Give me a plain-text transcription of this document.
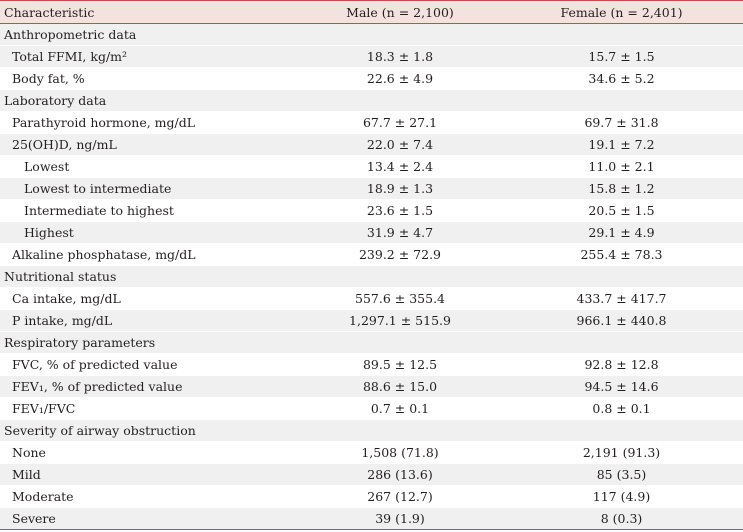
Characteristic	Male (n = 2,100)	Female (n = 2,401)
Anthropometric data
Total FFMI, kg/m²	18.3 ± 1.8	15.7 ± 1.5
Body fat, %	22.6 ± 4.9	34.6 ± 5.2
Laboratory data
Parathyroid hormone, mg/dL	67.7 ± 27.1	69.7 ± 31.8
25(OH)D, ng/mL	22.0 ± 7.4	19.1 ± 7.2
Lowest	13.4 ± 2.4	11.0 ± 2.1
Lowest to intermediate	18.9 ± 1.3	15.8 ± 1.2
Intermediate to highest	23.6 ± 1.5	20.5 ± 1.5
Highest	31.9 ± 4.7	29.1 ± 4.9
Alkaline phosphatase, mg/dL	239.2 ± 72.9	255.4 ± 78.3
Nutritional status
Ca intake, mg/dL	557.6 ± 355.4	433.7 ± 417.7
P intake, mg/dL	1,297.1 ± 515.9	966.1 ± 440.8
Respiratory parameters
FVC, % of predicted value	89.5 ± 12.5	92.8 ± 12.8
FEV₁, % of predicted value	88.6 ± 15.0	94.5 ± 14.6
FEV₁/FVC	0.7 ± 0.1	0.8 ± 0.1
Severity of airway obstruction
None	1,508 (71.8)	2,191 (91.3)
Mild	286 (13.6)	85 (3.5)
Moderate	267 (12.7)	117 (4.9)
Severe	39 (1.9)	8 (0.3)
